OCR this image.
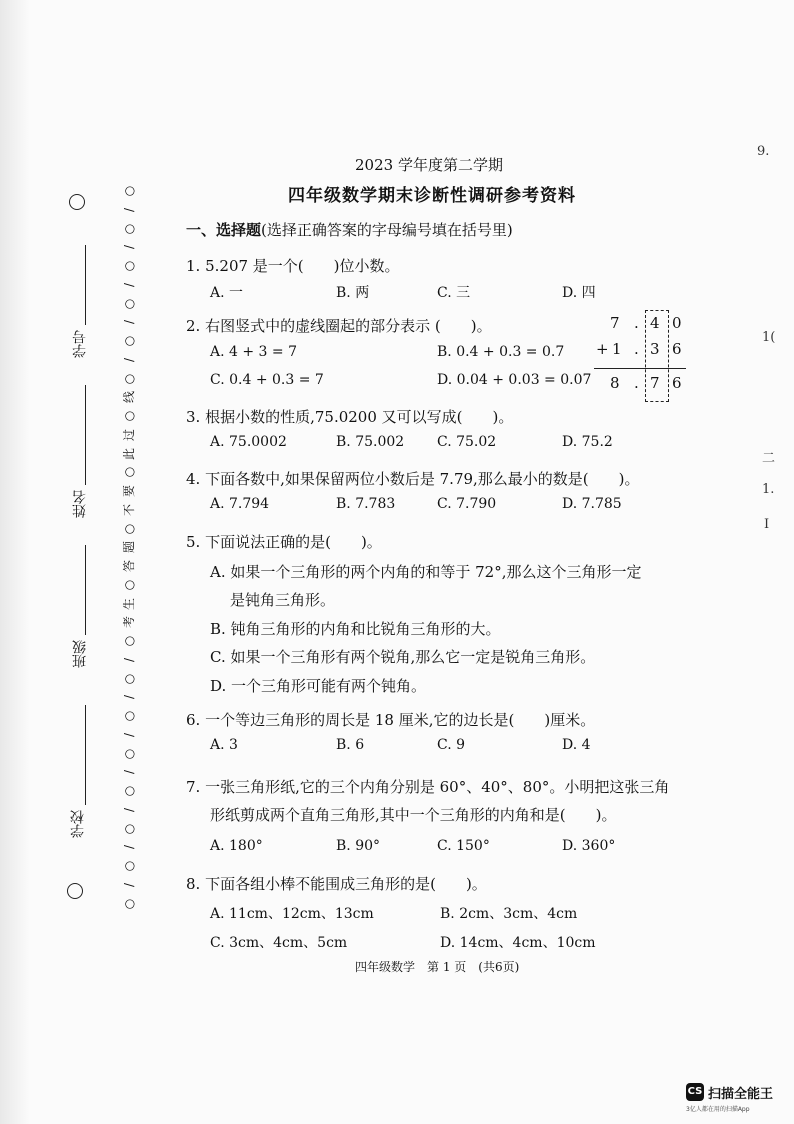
学号
姓名
班级
学校
○
/
○
/
○
/
○
/
○
/
○
线
○
过
此
○
要
不
○
题
答
○
生
考
○
/
○
/
○
/
○
/
○
/
○
/
○
/
○
2023 学年度第二学期
四年级数学期末诊断性调研参考资料
一、选择题(选择正确答案的字母编号填在括号里)
1. 5.207 是一个(　　)位小数。
A. 一	B. 两	C. 三	D. 四
2. 右图竖式中的虚线圈起的部分表示 (　　)。
A. 4 + 3 = 7	B. 0.4 + 0.3 = 0.7
C. 0.4 + 0.3 = 7	D. 0.04 + 0.03 = 0.07
7 . 4 0
+ 1 . 3 6
8 . 7 6
3. 根据小数的性质,75.0200 又可以写成(　　)。
A. 75.0002	B. 75.002 C. 75.02	D. 75.2
4. 下面各数中,如果保留两位小数后是 7.79,那么最小的数是(　　)。
A. 7.794	B. 7.783	C. 7.790	D. 7.785
5. 下面说法正确的是(　　)。
A. 如果一个三角形的两个内角的和等于 72°,那么这个三角形一定
是钝角三角形。
B. 钝角三角形的内角和比锐角三角形的大。
C. 如果一个三角形有两个锐角,那么它一定是锐角三角形。
D. 一个三角形可能有两个钝角。
6. 一个等边三角形的周长是 18 厘米,它的边长是(　　)厘米。
A. 3	B. 6	C. 9	D. 4
7. 一张三角形纸,它的三个内角分别是 60°、40°、80°。小明把这张三角
形纸剪成两个直角三角形,其中一个三角形的内角和是(　　)。
A. 180°	B. 90°	C. 150°	D. 360°
8. 下面各组小棒不能围成三角形的是(　　)。
A. 11cm、12cm、13cm	B. 2cm、3cm、4cm
C. 3cm、4cm、5cm	D. 14cm、4cm、10cm
四年级数学　第 1 页　(共6页)
9.
1(
二
1.
I
CS 扫描全能王
3亿人都在用的扫描App
